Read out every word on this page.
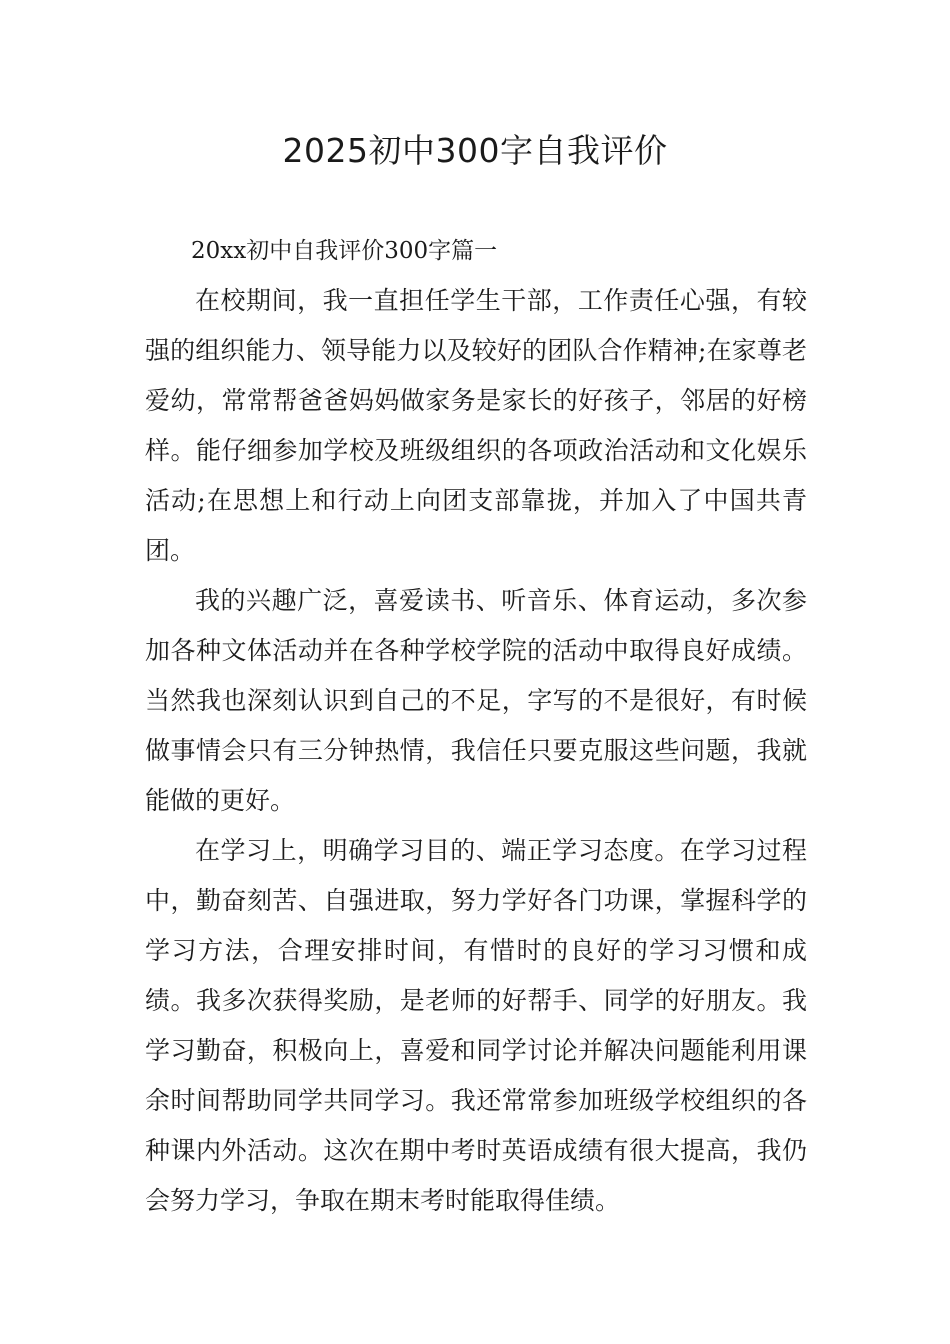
2025初中300字自我评价

20xx初中自我评价300字篇一

在校期间，我一直担任学生干部，工作责任心强，有较强的组织能力、领导能力以及较好的团队合作精神;在家尊老爱幼，常常帮爸爸妈妈做家务是家长的好孩子，邻居的好榜样。能仔细参加学校及班级组织的各项政治活动和文化娱乐活动;在思想上和行动上向团支部靠拢，并加入了中国共青团。

我的兴趣广泛，喜爱读书、听音乐、体育运动，多次参加各种文体活动并在各种学校学院的活动中取得良好成绩。当然我也深刻认识到自己的不足，字写的不是很好，有时候做事情会只有三分钟热情，我信任只要克服这些问题，我就能做的更好。

在学习上，明确学习目的、端正学习态度。在学习过程中，勤奋刻苦、自强进取，努力学好各门功课，掌握科学的学习方法，合理安排时间，有惜时的良好的学习习惯和成绩。我多次获得奖励，是老师的好帮手、同学的好朋友。我学习勤奋，积极向上，喜爱和同学讨论并解决问题能利用课余时间帮助同学共同学习。我还常常参加班级学校组织的各种课内外活动。这次在期中考时英语成绩有很大提高，我仍会努力学习，争取在期末考时能取得佳绩。
